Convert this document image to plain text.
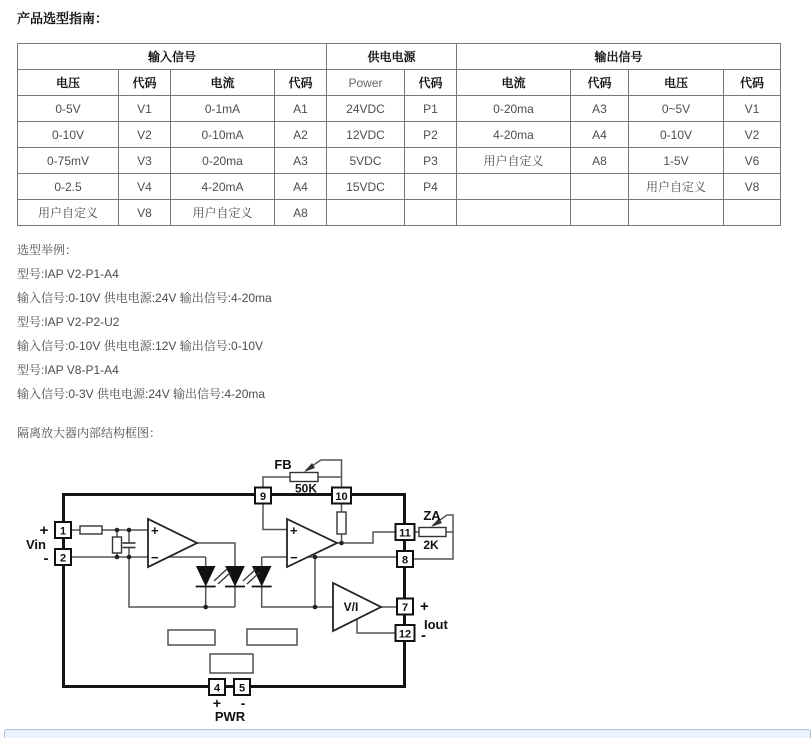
产品选型指南：
输入信号				供电电源		输出信号			
电压	代码	电流	代码	Power	代码	电流	代码	电压	代码
0-5V	V1	0-1mA	A1	24VDC	P1	0-20ma	A3	0~5V	V1
0-10V	V2	0-10mA	A2	12VDC	P2	4-20ma	A4	0-10V	V2
0-75mV	V3	0-20ma	A3	5VDC	P3	用户自定义	A8	1-5V	V6
0-2.5	V4	4-20mA	A4	15VDC	P4			用户自定义	V8
用户自定义	V8	用户自定义	A8						
选型举例：
型号:IAP V2-P1-A4
输入信号:0-10V 供电电源:24V 输出信号:4-20ma
型号:IAP V2-P2-U2
输入信号:0-10V 供电电源:12V 输出信号:0-10V
型号:IAP V8-P1-A4
输入信号:0-3V 供电电源:24V 输出信号:4-20ma
隔离放大器内部结构框图：
+
−
+
−
1
2
9	10
11
8
7
12
4 5
+
Vin
-
FB
50K
ZA
2K
V/I	+
Iout
-
+ -
PWR
